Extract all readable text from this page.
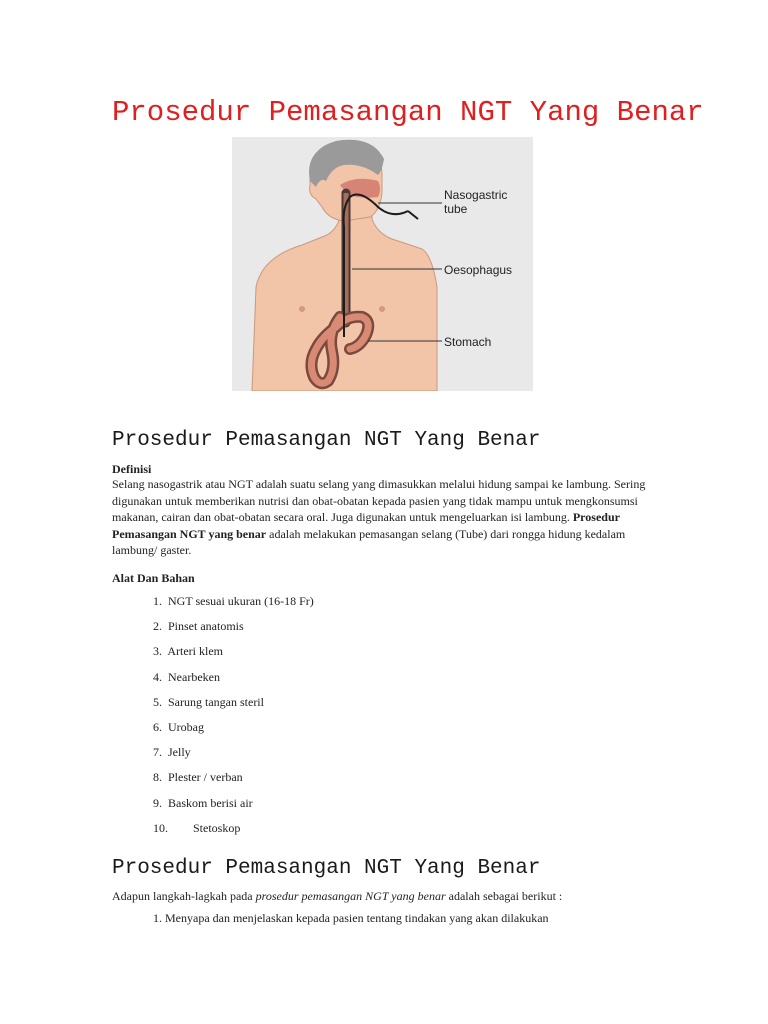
Prosedur Pemasangan NGT Yang Benar
Nasogastric
tube
Oesophagus
Stomach
Prosedur Pemasangan NGT Yang Benar
Definisi

Selang nasogastrik atau NGT adalah suatu selang yang dimasukkan melalui hidung sampai ke lambung. Sering digunakan untuk memberikan nutrisi dan obat-obatan kepada pasien yang tidak mampu untuk mengkonsumsi makanan, cairan dan obat-obatan secara oral. Juga digunakan untuk mengeluarkan isi lambung. Prosedur Pemasangan NGT yang benar adalah melakukan pemasangan selang (Tube) dari rongga hidung kedalam lambung/ gaster.

Alat Dan Bahan
1. NGT sesuai ukuran (16-18 Fr)
2. Pinset anatomis
3. Arteri klem
4. Nearbeken
5. Sarung tangan steril
6. Urobag
7. Jelly
8. Plester / verban
9. Baskom berisi air
10. Stetoskop
Prosedur Pemasangan NGT Yang Benar

Adapun langkah-lagkah pada prosedur pemasangan NGT yang benar adalah sebagai berikut :

1. Menyapa dan menjelaskan kepada pasien tentang tindakan yang akan dilakukan
